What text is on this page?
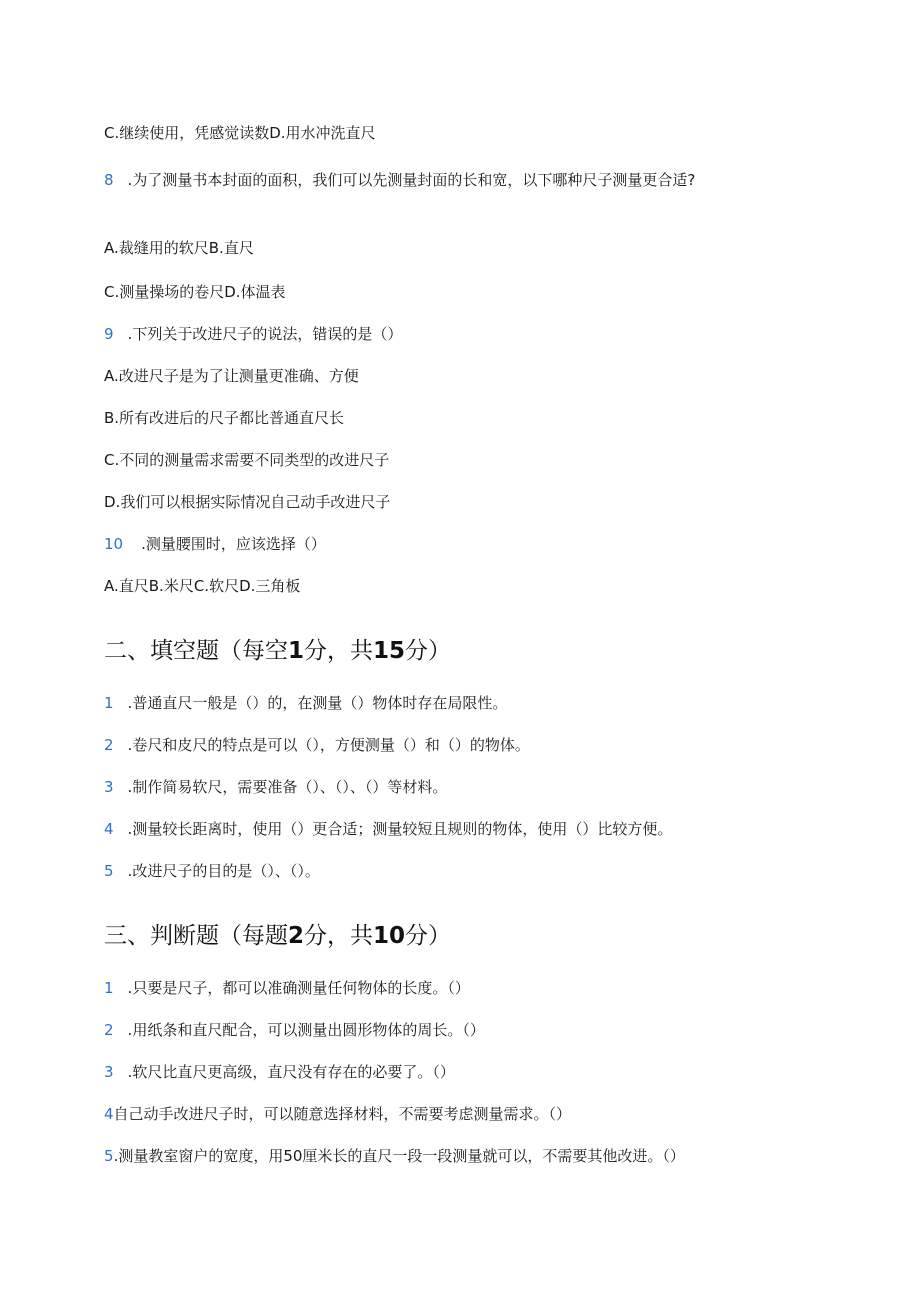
C.继续使用，凭感觉读数D.用水冲洗直尺
8 .为了测量书本封面的面积，我们可以先测量封面的长和宽，以下哪种尺子测量更合适?
A.裁缝用的软尺B.直尺
C.测量操场的卷尺D.体温表
9 .下列关于改进尺子的说法，错误的是（）
A.改进尺子是为了让测量更准确、方便
B.所有改进后的尺子都比普通直尺长
C.不同的测量需求需要不同类型的改进尺子
D.我们可以根据实际情况自己动手改进尺子
10 .测量腰围时，应该选择（）
A.直尺B.米尺C.软尺D.三角板
二、填空题（每空1分，共15分）
1 .普通直尺一般是（）的，在测量（）物体时存在局限性。
2 .卷尺和皮尺的特点是可以（），方便测量（）和（）的物体。
3 .制作简易软尺，需要准备（）、（）、（）等材料。
4 .测量较长距离时，使用（）更合适；测量较短且规则的物体，使用（）比较方便。
5 .改进尺子的目的是（）、（）。
三、判断题（每题2分，共10分）
1 .只要是尺子，都可以准确测量任何物体的长度。（）
2 .用纸条和直尺配合，可以测量出圆形物体的周长。（）
3 .软尺比直尺更高级，直尺没有存在的必要了。（）
4自己动手改进尺子时，可以随意选择材料，不需要考虑测量需求。（）
5.测量教室窗户的宽度，用50厘米长的直尺一段一段测量就可以，不需要其他改进。（）
